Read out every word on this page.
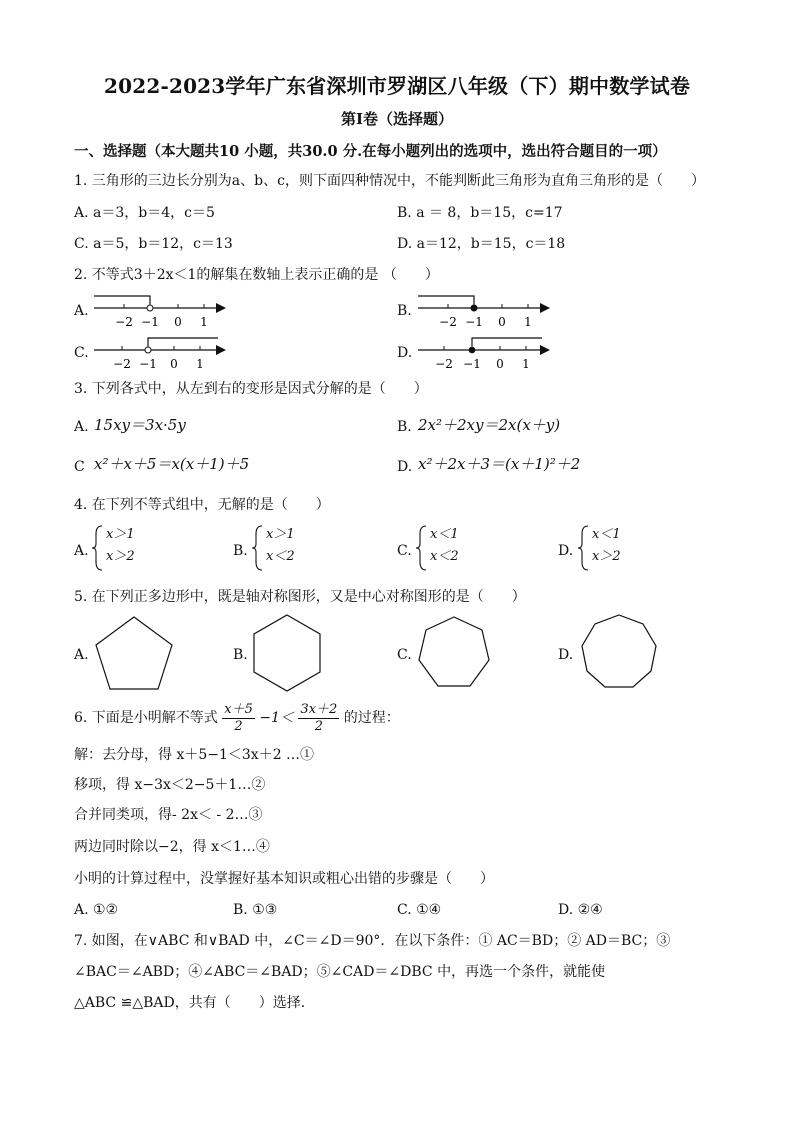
2022-2023学年广东省深圳市罗湖区八年级（下）期中数学试卷
第I卷（选择题）
一、选择题（本大题共10 小题，共30.0 分.在每小题列出的选项中，选出符合题目的一项）
1. 三角形的三边长分别为a、b、c，则下面四种情况中，不能判断此三角形为直角三角形的是（　　）
A. a＝3，b＝4，c＝5	B. a ＝ 8，b＝15，c=17
C. a＝5，b＝12，c＝13	D. a＝12，b＝15，c＝18
2. 不等式3＋2x＜1的解集在数轴上表示正确的是 （　　）
A.	B.
C.	D.
−2 −1 0 1	−2 −1 0 1
−2 −1 0 1	−2 −1 0 1
3. 下列各式中，从左到右的变形是因式分解的是（　　）
A. 15xy＝3x·5y	B. 2x²＋2xy＝2x(x＋y)
C x²＋x＋5＝x(x＋1)＋5	D. x²＋2x＋3＝(x＋1)²＋2
4. 在下列不等式组中，无解的是（　　）
A.
x＞1
x＞2	B.
x＞1
x＜2	C.
x＜1
x＜2	D.
x＜1
x＞2
5. 在下列正多边形中，既是轴对称图形，又是中心对称图形的是（　　）
A.	B.	C.	D.
6. 下面是小明解不等式 $\frac{x+5}{2} -1< \frac{3x+2}{2}$ 的过程：
解：去分母，得 x＋5−1＜3x＋2 …①
移项，得 x−3x＜2−5＋1…②
合并同类项，得- 2x＜ - 2…③
两边同时除以−2，得 x＜1…④
小明的计算过程中，没掌握好基本知识或粗心出错的步骤是（　　）
A. ①②	B. ①③	C. ①④	D. ②④
7. 如图，在∨ABC 和∨BAD 中，∠C＝∠D＝90°．在以下条件：① AC＝BD；② AD＝BC；③
∠BAC＝∠ABD；④∠ABC＝∠BAD；⑤∠CAD＝∠DBC 中，再选一个条件，就能使
△ABC ≌△BAD，共有（　　）选择．
